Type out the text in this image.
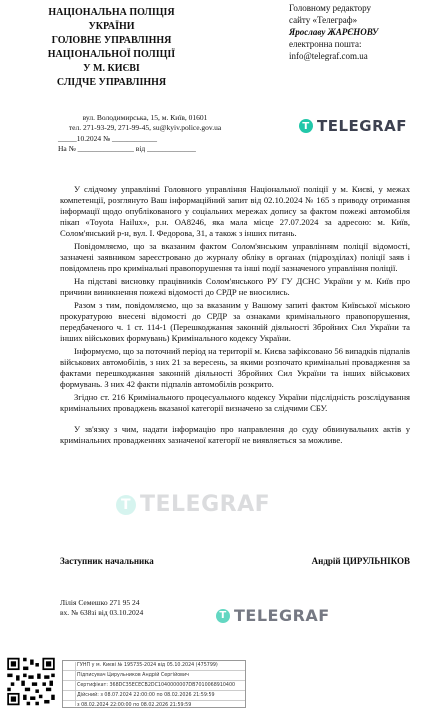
НАЦІОНАЛЬНА ПОЛІЦІЯ
УКРАЇНИ
ГОЛОВНЕ УПРАВЛІННЯ
НАЦІОНАЛЬНОЇ ПОЛІЦІЇ
У М. КИЄВІ
СЛІДЧЕ УПРАВЛІННЯ
вул. Володимирська, 15, м. Київ, 01601
тел. 271-93-29, 271-99-45, su@kyiv.police.gov.ua
_____10.2024 № ____________
На № _______________ від _____________
Головному редактору
сайту «Телеграф»
Ярославу ЖАРЄНОВУ
електронна пошта:
info@telegraf.com.ua
T TELEGRAF
T TELEGRAF
T TELEGRAF

У слідчому управлінні Головного управління Національної поліції у м. Києві, у межах компетенції, розглянуто Ваш інформаційний запит від 02.10.2024 № 165 з приводу отримання інформації щодо опублікованого у соціальних мережах допису за фактом пожежі автомобіля пікап «Toyota Hailux», р.н. ОА8246, яка мала місце 27.07.2024 за адресою: м. Київ, Солом'янський р-н, вул. І. Федорова, 31, а також з інших питань.

Повідомляємо, що за вказаним фактом Солом'янським управлінням поліції відомості, зазначені заявником зареєстровано до журналу обліку в органах (підрозділах) поліції заяв і повідомлень про кримінальні правопорушення та інші події зазначеного управління поліції.

На підставі висновку працівників Солом'янського РУ ГУ ДСНС України у м. Київ про причини виникнення пожежі відомості до СРДР не вносились.

Разом з тим, повідомляємо, що за вказаним у Вашому запиті фактом Київської міською прокуратурою внесені відомості до СРДР за ознаками кримінального правопорушення, передбаченого ч. 1 ст. 114-1 (Перешкоджання законній діяльності Збройних Сил України та інших військових формувань) Кримінального кодексу України.

Інформуємо, що за поточний період на території м. Києва зафіксовано 56 випадків підпалів військових автомобілів, з них 21 за вересень, за якими розпочато кримінальні провадження за фактами перешкоджання законній діяльності Збройних Сил України та інших військових формувань. З них 42 факти підпалів автомобілів розкрито.

Згідно ст. 216 Кримінального процесуального кодексу України підслідність розслідування кримінальних проваджень вказаної категорії визначено за слідчими СБУ.

У зв'язку з чим, надати інформацію про направлення до суду обвинувальних актів у кримінальних провадженнях зазначеної категорії не виявляється за можливе.

Заступник начальника	Андрій ЦИРУЛЬНІКОВ
Лілія Семешко 271 95 24
вх. № 638зі від 03.10.2024
ГУНП у м. Києві № 195735-2024 від 05.10.2024 (475799)
Підписувач Цирульников Андрій Сергійович
Сертифікат: 368DC35ECECB2DC1040000007DB7010068910400
Дійсний: з 08.07.2024 22:00:00 по 08.02.2026 21:59:59
з 08.02.2024 22:00:00 по 08.02.2026 21:59:59
